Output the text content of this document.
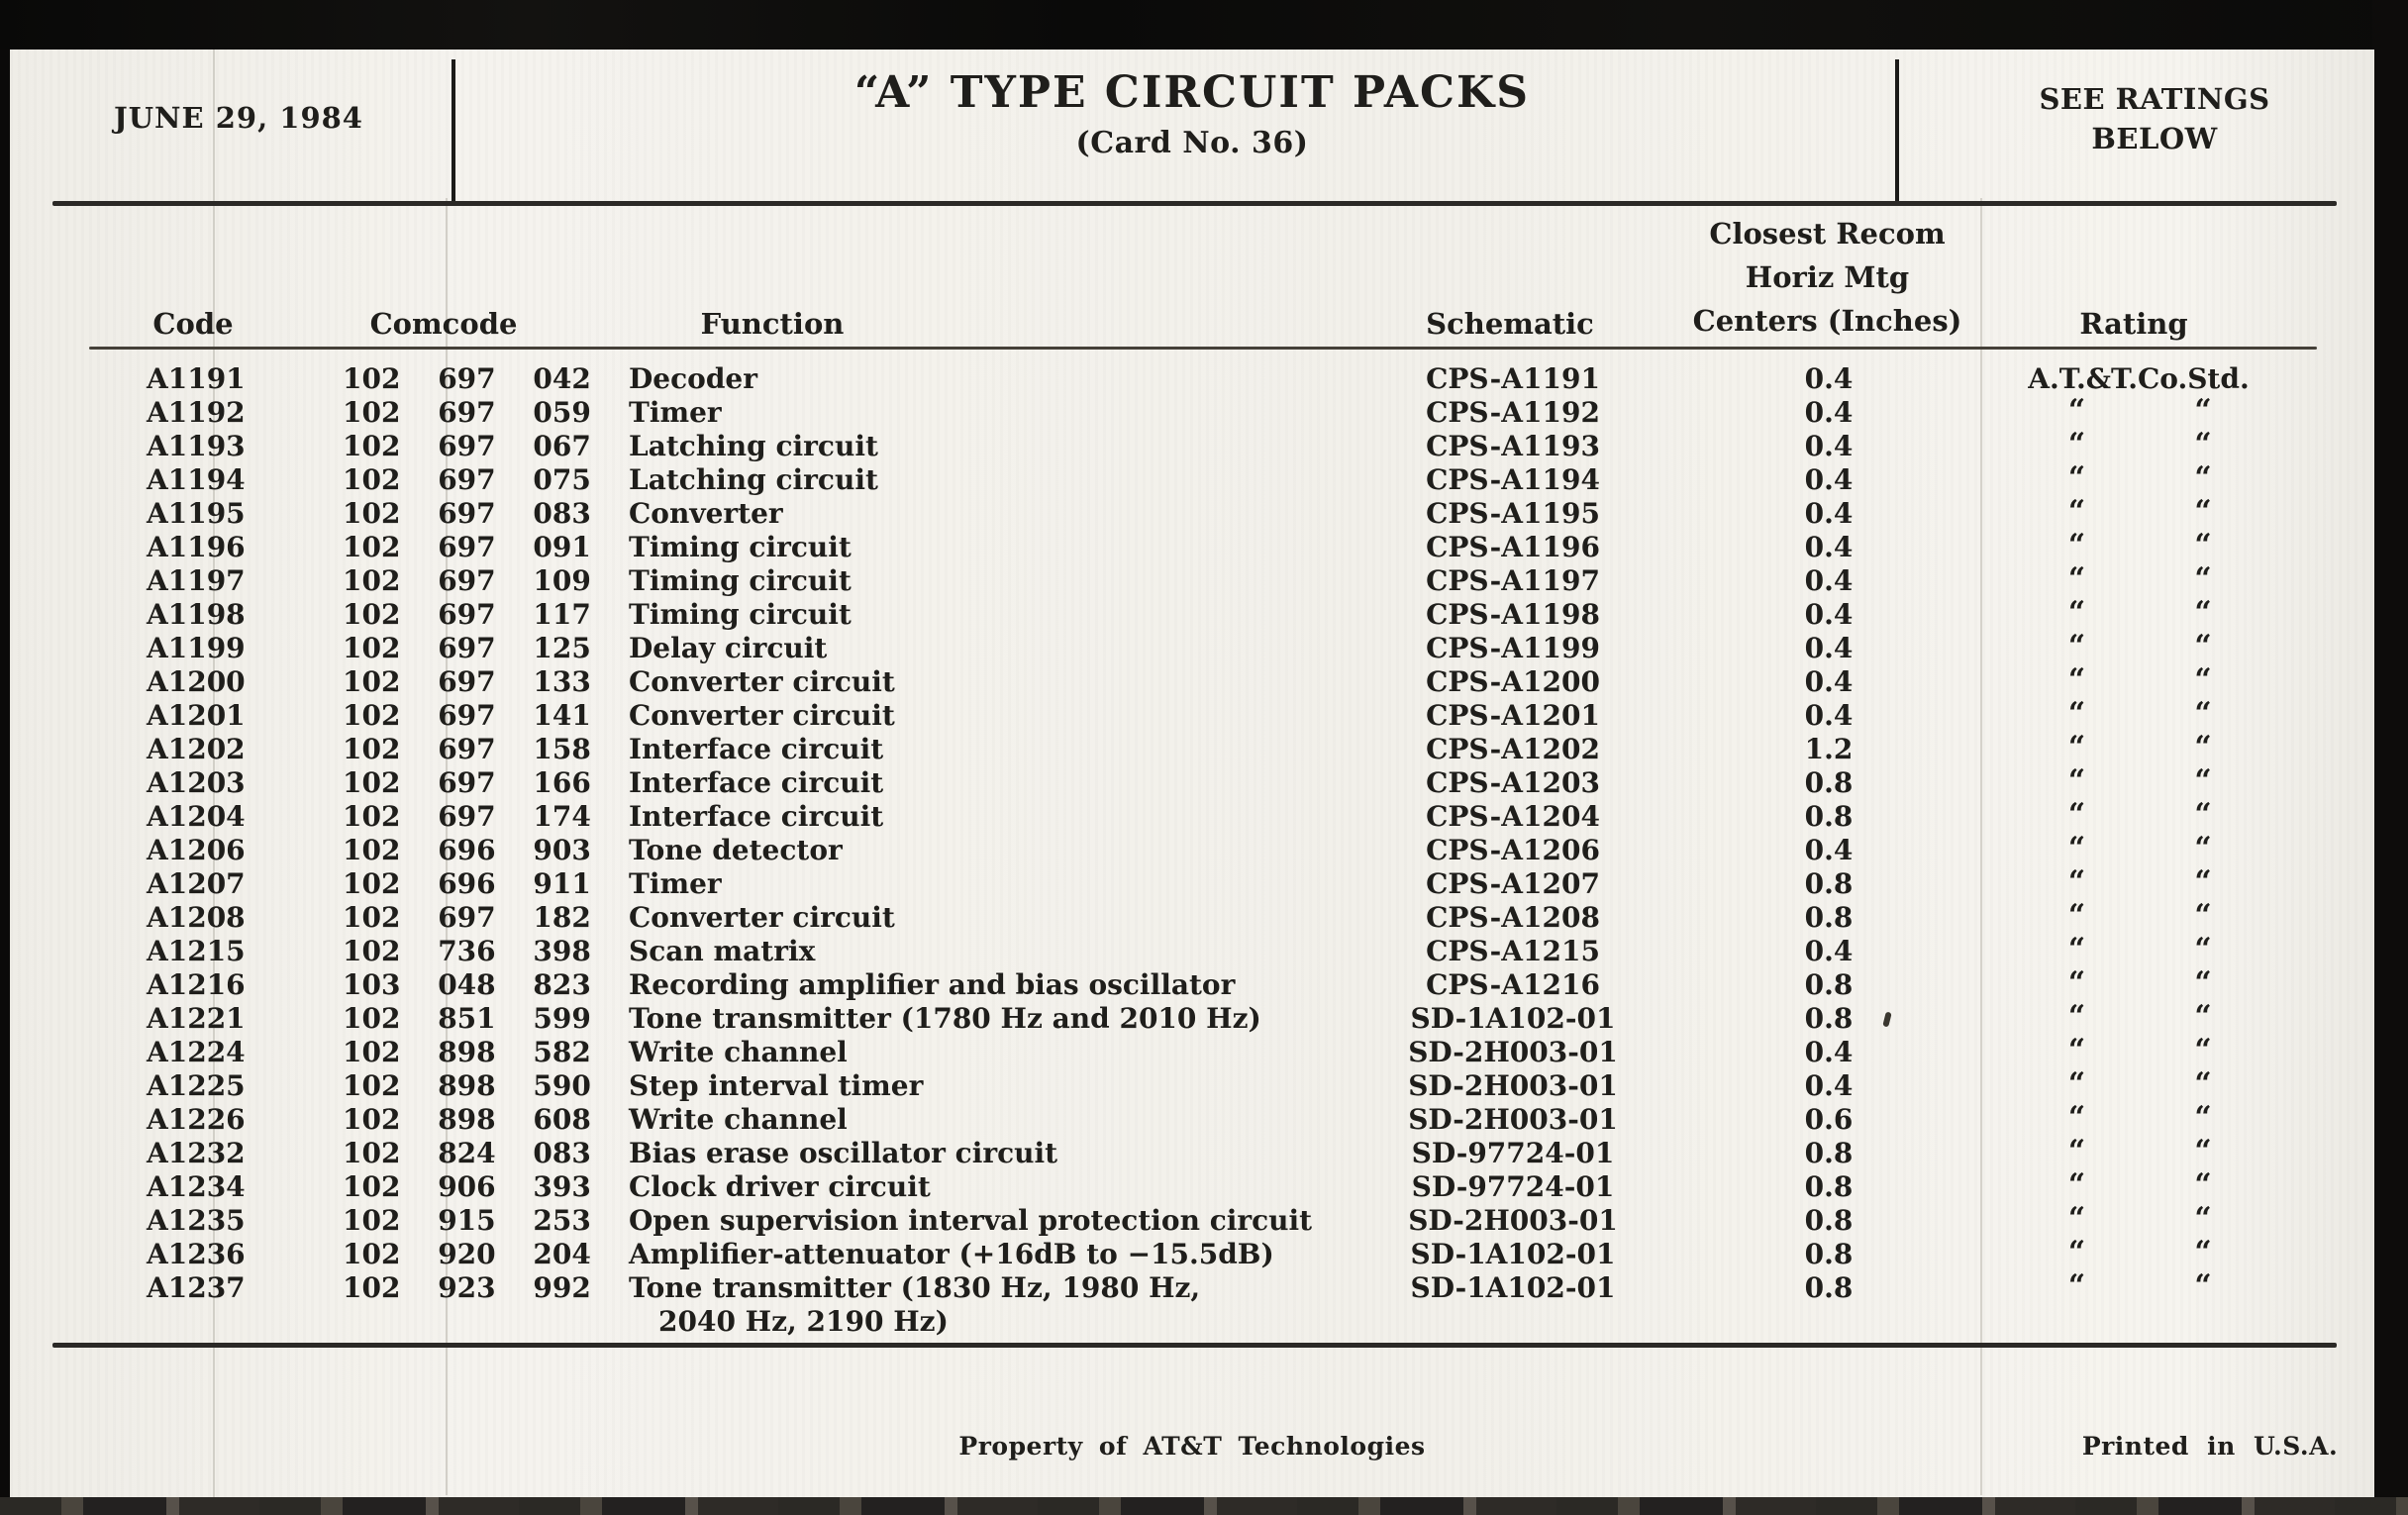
JUNE 29, 1984	“A” TYPE CIRCUIT PACKS
(Card No. 36)
SEE RATINGS
BELOW
Code	Comcode	Function	Schematic
Closest Recom
Horiz Mtg
Centers (Inches)	Rating
A1191	102 697 042 Decoder	CPS-A1191	0.4	A.T.&T.Co.Std.
A1192	102 697 059 Timer	CPS-A1192	0.4	“	“
A1193	102 697 067 Latching circuit	CPS-A1193	0.4	“	“
A1194	102 697 075 Latching circuit	CPS-A1194	0.4	“	“
A1195	102 697 083 Converter	CPS-A1195	0.4	“	“
A1196	102 697 091 Timing circuit	CPS-A1196	0.4	“	“
A1197	102 697 109 Timing circuit	CPS-A1197	0.4	“	“
A1198	102 697 117 Timing circuit	CPS-A1198	0.4	“	“
A1199	102 697 125 Delay circuit	CPS-A1199	0.4	“	“
A1200	102 697 133 Converter circuit	CPS-A1200	0.4	“	“
A1201	102 697 141 Converter circuit	CPS-A1201	0.4	“	“
A1202	102 697 158 Interface circuit	CPS-A1202	1.2	“	“
A1203	102 697 166 Interface circuit	CPS-A1203	0.8	“	“
A1204	102 697 174 Interface circuit	CPS-A1204	0.8	“	“
A1206	102 696 903 Tone detector	CPS-A1206	0.4	“	“
A1207	102 696 911 Timer	CPS-A1207	0.8	“	“
A1208	102 697 182 Converter circuit	CPS-A1208	0.8	“	“
A1215	102 736 398 Scan matrix	CPS-A1215	0.4	“	“
A1216	103 048 823 Recording amplifier and bias oscillator	CPS-A1216	0.8	“	“
A1221	102 851 599 Tone transmitter (1780 Hz and 2010 Hz)	SD-1A102-01	0.8	“	“
A1224	102 898 582 Write channel	SD-2H003-01	0.4	“	“
A1225	102 898 590 Step interval timer	SD-2H003-01	0.4	“	“
A1226	102 898 608 Write channel	SD-2H003-01	0.6	“	“
A1232	102 824 083 Bias erase oscillator circuit	SD-97724-01	0.8	“	“
A1234	102 906 393 Clock driver circuit	SD-97724-01	0.8	“	“
A1235	102 915 253 Open supervision interval protection circuit	SD-2H003-01	0.8	“	“
A1236	102 920 204 Amplifier-attenuator (+16dB to −15.5dB)	SD-1A102-01	0.8	“	“
A1237	102 923 992 Tone transmitter (1830 Hz, 1980 Hz,	SD-1A102-01	0.8	“	“
2040 Hz, 2190 Hz)
Property of AT&T Technologies	Printed in U.S.A.
